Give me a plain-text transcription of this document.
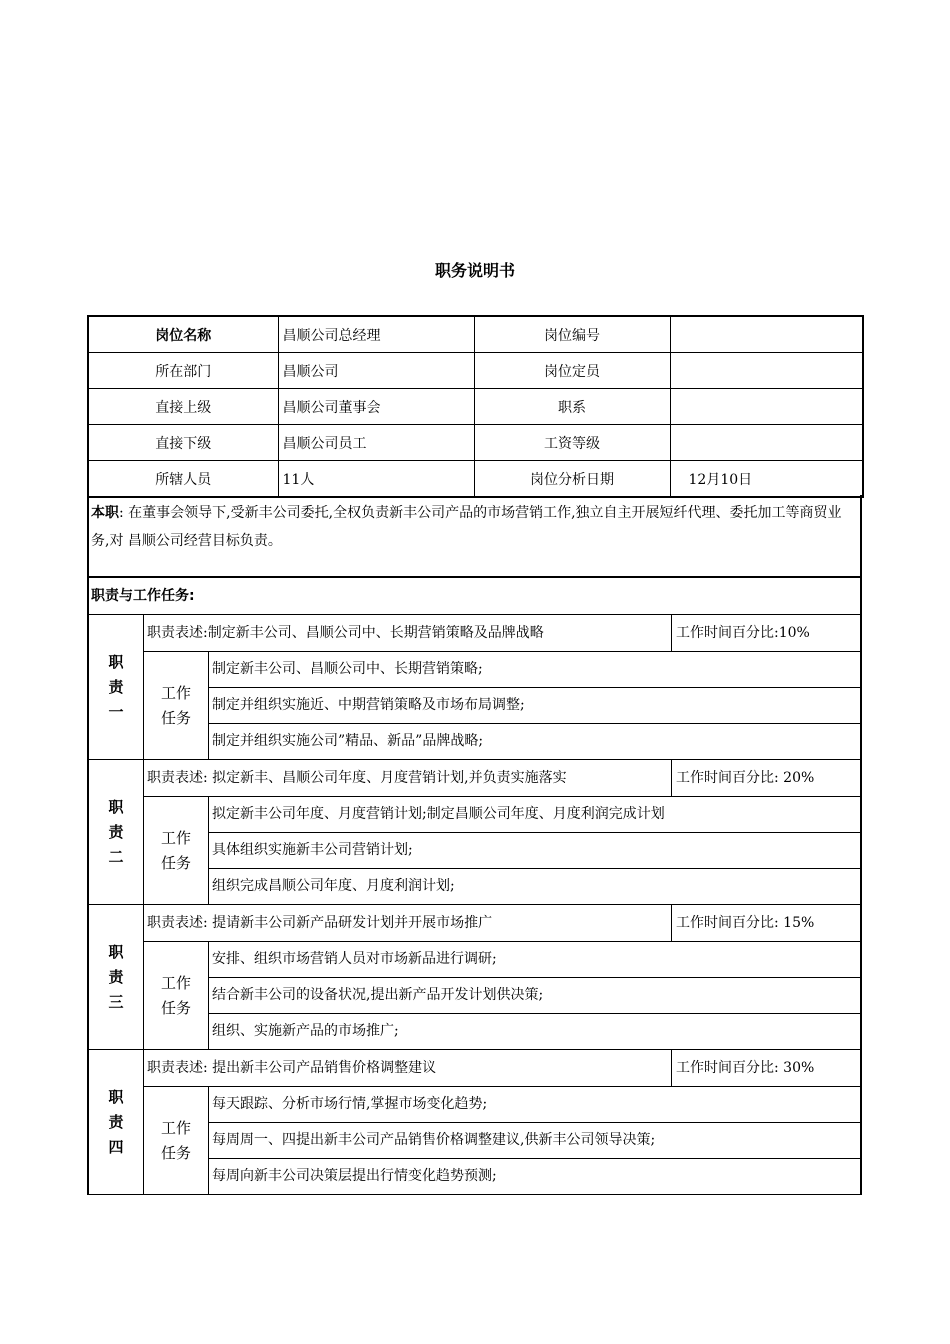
职务说明书
岗位名称	昌顺公司总经理	岗位编号	
所在部门	昌顺公司	岗位定员	
直接上级	昌顺公司董事会	职系	
直接下级	昌顺公司员工	工资等级	
所辖人员	11人	岗位分析日期	12月10日
本职: 在董事会领导下,受新丰公司委托,全权负责新丰公司产品的市场营销工作,独立自主开展短纤代理、委托加工等商贸业务,对 昌顺公司经营目标负责。
职责与工作任务:
职
责
一
职责表述:制定新丰公司、昌顺公司中、长期营销策略及品牌战略	工作时间百分比:10%
工作
任务
制定新丰公司、昌顺公司中、长期营销策略;
制定并组织实施近、中期营销策略及市场布局调整;
制定并组织实施公司”精品、新品”品牌战略;
职
责
二
职责表述: 拟定新丰、昌顺公司年度、月度营销计划,并负责实施落实	工作时间百分比: 20%
工作
任务
拟定新丰公司年度、月度营销计划;制定昌顺公司年度、月度利润完成计划
具体组织实施新丰公司营销计划;
组织完成昌顺公司年度、月度利润计划;
职
责
三
职责表述: 提请新丰公司新产品研发计划并开展市场推广	工作时间百分比: 15%
工作
任务
安排、组织市场营销人员对市场新品进行调研;
结合新丰公司的设备状况,提出新产品开发计划供决策;
组织、实施新产品的市场推广;
职
责
四
职责表述: 提出新丰公司产品销售价格调整建议	工作时间百分比: 30%
工作
任务
每天跟踪、分析市场行情,掌握市场变化趋势;
每周周一、四提出新丰公司产品销售价格调整建议,供新丰公司领导决策;
每周向新丰公司决策层提出行情变化趋势预测;
